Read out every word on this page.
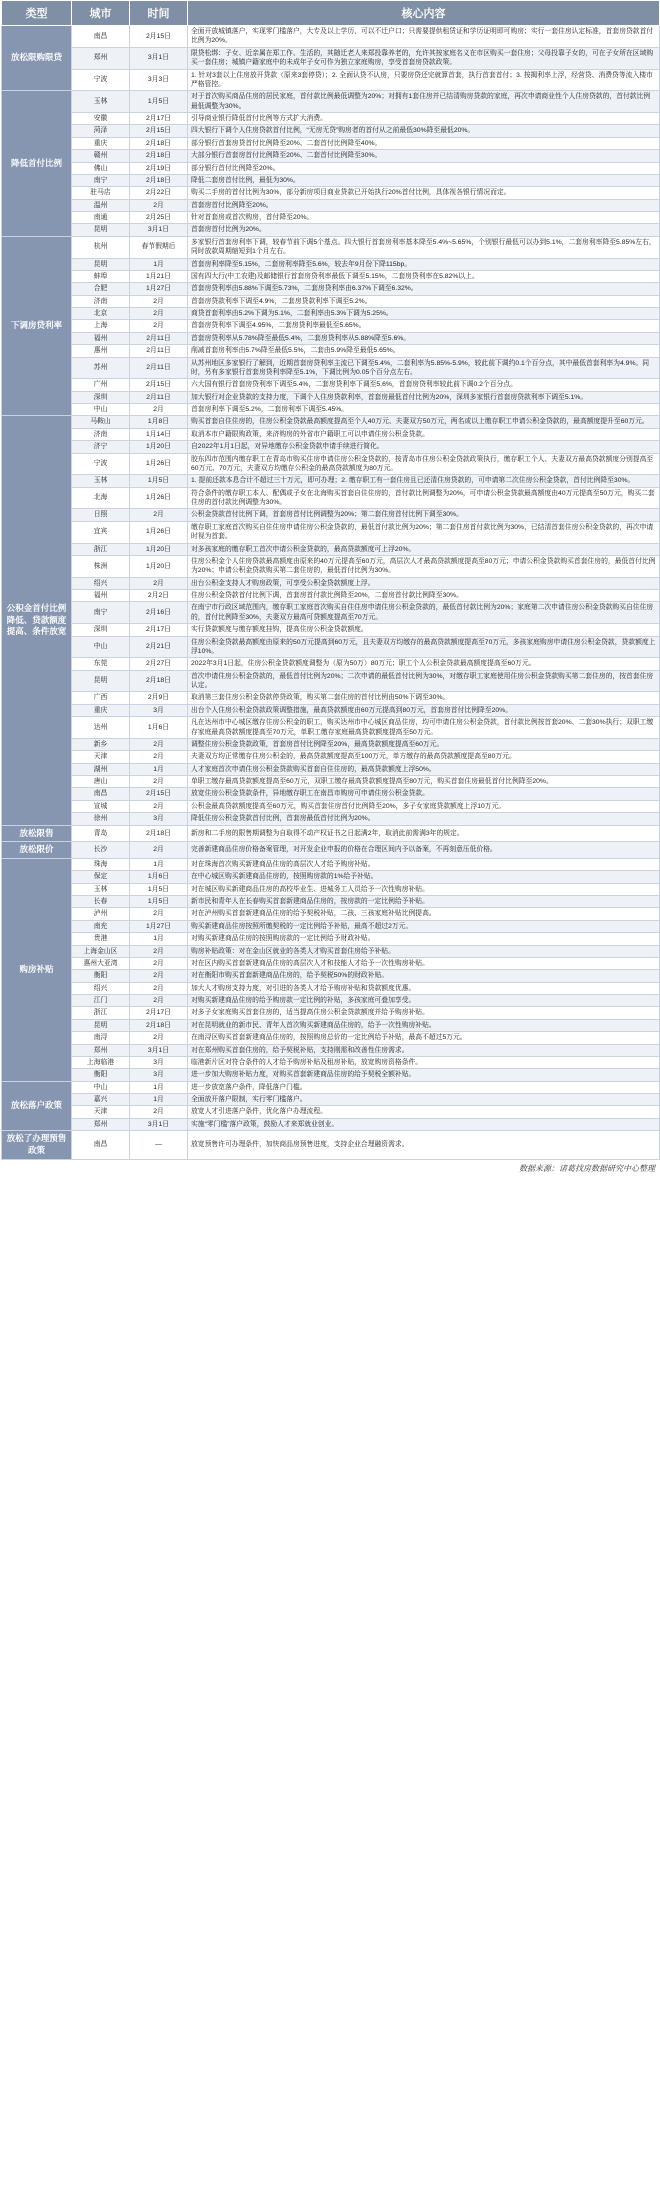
类型	城市	时间	核心内容
放松限购限贷	南昌	2月15日	全面开放城镇落户，实现零门槛落户，大专及以上学历，可以不迁户口；只需要提供租赁证和学历证明即可购房；实行一套住房认定标准，首套房贷款首付比例为20%。
	郑州	3月1日	限贷松绑：子女、近亲属在郑工作、生活的，其随迁老人来郑投靠养老的，允许其按家庭名义在市区购买一套住房；父母投靠子女的，可在子女所在区域购买一套住房；城镇户籍家庭中的未成年子女可作为独立家庭购房，享受首套房贷款政策。
	宁波	3月3日	1. 针对3套以上住房放开贷款（原来3套停贷）；2. 全面认贷不认房，只要房贷还完就算首套，执行首套首付；3. 按揭利率上浮，经营贷、消费贷等流入楼市严格管控。
降低首付比例	玉林	1月5日	对于首次购买商品住房的居民家庭，首付款比例最低调整为20%；对拥有1套住房并已结清购房贷款的家庭，再次申请商业性个人住房贷款的，首付款比例最低调整为30%。
	安徽	2月17日	引导商业银行降低首付比例等方式扩大消费。
	菏泽	2月15日	四大银行下调个人住房贷款首付比例，“无房无贷”购房者的首付从之前最低30%降至最低20%。
	重庆	2月18日	部分银行首套房贷首付比例降至20%、二套首付比例降至40%。
	赣州	2月18日	大部分银行首套房首付比例降至20%、二套首付比例降至30%。
	佛山	2月19日	部分银行首付比例降至20%。
	南宁	2月18日	降低二套房首付比例，最低为30%。
	驻马店	2月22日	购买二手房的首付比例为30%，部分新房项目商业贷款已开始执行20%首付比例，具体视各银行情况而定。
	温州	2月	首套房首付比例降至20%。
	南通	2月25日	针对首套房或首次购房，首付降至20%。
	昆明	3月1日	首套房首付比例为20%。
下调房贷利率	杭州	春节假期后	多家银行首套房利率下调，较春节前下调5个基点。四大银行首套房利率基本降至5.4%~5.65%，个别银行最低可以办到5.1%，二套房利率降至5.85%左右，同时放款周期缩短到1个月左右。
	昆明	1月	首套房利率降至5.15%，二套房利率降至5.6%，较去年9月份下降115bp。
	蚌埠	1月21日	国有四大行(中工农建)及邮储银行首套房贷利率最低下调至5.15%，二套房贷利率在5.82%以上。
	合肥	1月27日	首套房贷利率由5.88%下调至5.73%，二套房贷利率由6.37%下调至6.32%。
	济南	2月	首套房贷款利率下调至4.9%，二套房贷款利率下调至5.2%。
	北京	2月	商贷首套利率由5.2%下调为5.1%，二套利率由5.3%下调为5.25%。
	上海	2月	首套房贷利率下调至4.95%，二套房贷利率最低至5.65%。
	福州	2月11日	首套房贷利率从5.78%降至最低5.4%，二套房贷利率从5.88%降至5.6%。
	惠州	2月11日	削减首套房利率由5.7%降至最低5.5%，二套由5.9%降至最低5.65%。
	苏州	2月11日	从苏州地区多家银行了解到，近期首套房贷利率主流已下调至5.4%，二套利率为5.85%-5.9%，较此前下调约0.1个百分点，其中最低首套利率为4.9%。同时，另有多家银行首套房贷利率降至5.1%，下调比例为0.05个百分点左右。
	广州	2月15日	六大国有银行首套房贷利率下调至5.4%，二套房贷利率下调至5.6%，首套房贷利率较此前下调0.2个百分点。
	深圳	2月11日	加大银行对企业贷款的支持力度，下调个人住房贷款利率，首套房最低首付比例为20%，深圳多家银行首套房贷款利率下调至5.1%。
	中山	2月	首套房利率下调至5.2%，二套房利率下调至5.45%。
公积金首付比例降低、贷款额度提高、条件放宽	马鞍山	1月8日	购买首套自住住房的，住房公积金贷款最高额度提高至个人40万元、夫妻双方50万元，两名或以上缴存职工申请公积金贷款的，最高额度提升至60万元。
	济南	1月14日	取消本市户籍限购政策，来济购房的外省市户籍职工可以申请住房公积金贷款。
	济宁	1月20日	自2022年1月1日起，对异地缴存公积金贷款申请手续进行简化。
	宁波	1月26日	胶东四市范围内缴存职工在青岛市购买住房申请住房公积金贷款的，按青岛市住房公积金贷款政策执行，缴存职工个人、夫妻双方最高贷款额度分别提高至60万元、70万元，夫妻双方均缴存公积金的最高贷款额度为80万元。
	玉林	1月5日	1. 提前还款本息合计不超过三十万元，即可办理；2. 缴存职工有一套住房且已还清住房贷款的，可申请第二次住房公积金贷款，首付比例降至30%。
	北海	1月26日	符合条件的缴存职工本人、配偶或子女在北海购买首套自住住房的，首付款比例调整为20%，可申请公积金贷款最高额度由40万元提高至50万元，购买二套住房的首付款比例调整为30%。
	日照	2月	公积金贷款首付比例下调，首套房首付比例调整为20%；第二套住房首付比例下调至30%。
	宜宾	1月26日	缴存职工家庭首次购买自住住房申请住房公积金贷款的，最低首付款比例为20%；第二套住房首付款比例为30%，已结清首套住房公积金贷款的，再次申请时视为首套。
	浙江	1月20日	对多孩家庭的缴存职工首次申请公积金贷款的，最高贷款额度可上浮20%。
	株洲	1月20日	住房公积金个人住房贷款最高额度由原来的40万元提高至60万元，高层次人才最高贷款额度提高至80万元；申请公积金贷款购买首套住房的，最低首付比例为20%；申请公积金贷款购买第二套住房的，最低首付比例为30%。
	绍兴	2月	出台公积金支持人才购房政策，可享受公积金贷款额度上浮。
	福州	2月2日	住房公积金贷款首付比例下调，首套房首付款比例降至20%，二套房首付款比例降至30%。
	南宁	2月16日	在南宁市行政区域范围内，缴存职工家庭首次购买自住住房申请住房公积金贷款的，最低首付款比例为20%；家庭第二次申请住房公积金贷款购买自住住房的，首付比例降至30%，夫妻双方最高可贷额度提高至70万元。
	深圳	2月17日	实行贷款额度与缴存额度挂钩，提高住房公积金贷款额度。
	中山	2月21日	住房公积金贷款最高额度由原来的50万元提高到60万元，且夫妻双方均缴存的最高贷款额度提高至70万元，多孩家庭购房申请住房公积金贷款，贷款额度上浮10%。
	东莞	2月27日	2022年3月1日起，住房公积金贷款额度调整为（原为50万）80万元；职工个人公积金贷款最高额度提高至60万元。
	昆明	2月18日	首次申请住房公积金贷款的，最低首付比例为20%；二次申请的最低首付比例为30%，对缴存职工家庭使用住房公积金贷款购买第二套住房的，按首套住房认定。
	广西	2月9日	取消第三套住房公积金贷款停贷政策，购买第二套住房的首付比例由50%下调至30%。
	重庆	3月	出台个人住房公积金贷款政策调整措施，最高贷款额度由60万元提高到80万元，首套房首付比例降至20%。
	达州	1月6日	凡在达州市中心城区缴存住房公积金的职工，购买达州市中心城区商品住房，均可申请住房公积金贷款，首付款比例按首套20%、二套30%执行；双职工缴存家庭最高贷款额度提高至70万元，单职工缴存家庭最高贷款额度提高至50万元。
	新乡	2月	调整住房公积金贷款政策，首套房首付比例降至20%，最高贷款额度提高至60万元。
	天津	2月	夫妻双方均正常缴存住房公积金的，最高贷款额度提高至100万元，单方缴存的最高贷款额度提高至80万元。
	湖州	1月	人才家庭首次申请住房公积金贷款购买首套自住住房的，最高贷款额度上浮50%。
	唐山	2月	单职工缴存最高贷款额度提高至60万元，双职工缴存最高贷款额度提高至80万元，购买首套住房最低首付比例降至20%。
	南昌	2月15日	放宽住房公积金贷款条件，异地缴存职工在南昌市购房可申请住房公积金贷款。
	宣城	2月	公积金最高贷款额度提高至60万元，购买首套住房首付比例降至20%，多子女家庭贷款额度上浮10万元。
	徐州	3月	降低住房公积金贷款首付比例，首套房最低首付比例为20%。
放松限售	青岛	2月18日	新房和二手房的限售期调整为自取得不动产权证书之日起满2年，取消此前需满3年的规定。
放松限价	长沙	2月	完善新建商品住房价格备案管理，对开发企业申报的价格在合理区间内予以备案，不再刻意压低价格。
购房补贴	珠海	1月	对在珠海首次购买新建商品住房的高层次人才给予购房补贴。
	保定	1月6日	在中心城区购买新建商品住房的，按照购房款的1%给予补贴。
	玉林	1月5日	对在城区购买新建商品住房的高校毕业生、进城务工人员给予一次性购房补贴。
	长春	1月5日	新市民和青年人在长春购买首套新建商品住房的，按房款的一定比例给予补贴。
	泸州	2月	对在泸州购买首套新建商品住房的给予契税补贴，二孩、三孩家庭补贴比例提高。
	南充	1月27日	购买新建商品住房按照所缴契税的一定比例给予补贴，最高不超过2万元。
	贵港	1月	对购买新建商品住房的按照购房款的一定比例给予财政补贴。
	上海金山区	2月	购房补贴政策：对在金山区就业的各类人才购买首套住房给予补贴。
	惠州大亚湾	2月	对在区内购买首套新建商品住房的高层次人才和技能人才给予一次性购房补贴。
	衡阳	2月	对在衡阳市购买首套新建商品住房的，给予契税50%的财政补贴。
	绍兴	2月	加大人才购房支持力度，对引进的各类人才给予购房补贴和贷款额度优惠。
	江门	2月	对购买新建商品住房的给予购房款一定比例的补贴，多孩家庭可叠加享受。
	浙江	2月17日	对多子女家庭购买首套住房的，适当提高住房公积金贷款额度并给予购房补贴。
	昆明	2月18日	对在昆明就业的新市民、青年人首次购买新建商品住房的，给予一次性购房补贴。
	南浔	2月	在南浔区购买首套新建商品住房的，按照购房总价的一定比例给予补贴，最高不超过5万元。
	郑州	3月1日	对在郑州购买首套住房的，给予契税补贴，支持刚需和改善性住房需求。
	上海临港	3月	临港新片区对符合条件的人才给予购房补贴及租房补贴，放宽购房资格条件。
	衡阳	3月	进一步加大购房补贴力度，对购买首套新建商品住房的给予契税全额补贴。
放松落户政策	中山	1月	进一步放宽落户条件，降低落户门槛。
	嘉兴	1月	全面放开落户限制，实行零门槛落户。
	天津	2月	放宽人才引进落户条件，优化落户办理流程。
	郑州	3月1日	实施“零门槛”落户政策，鼓励人才来郑就业创业。
放松了办理预售政策	南昌	—	放宽预售许可办理条件，加快商品房预售进度，支持企业合理融资需求。
数据来源：诸葛找房数据研究中心整理
